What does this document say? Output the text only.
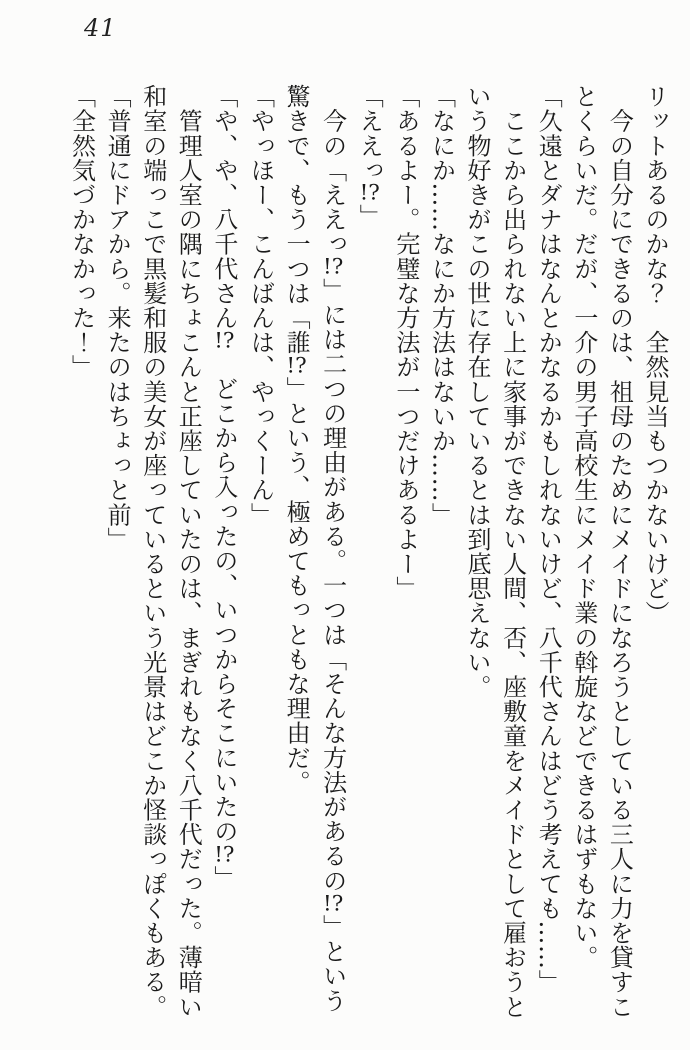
41

リットあるのかな？　全然見当もつかないけど）

　今の自分にできるのは、祖母のためにメイドになろうとしている三人に力を貸すこ

とくらいだ。だが、一介の男子高校生にメイド業の斡旋などできるはずもない。

「久遠とダナはなんとかなるかもしれないけど、八千代さんはどう考えても……」

　ここから出られない上に家事ができない人間、否、座敷童をメイドとして雇おうと

いう物好きがこの世に存在しているとは到底思えない。

「なにか……なにか方法はないか……」

「あるよー。完璧な方法が一つだけあるよー」

「ええっ!?」

　今の「ええっ!?」には二つの理由がある。一つは「そんな方法があるの!?」という

驚きで、もう一つは「誰!?」という、極めてもっともな理由だ。

「やっほー、こんばんは、やっくーん」

「や、や、八千代さん!?　どこから入ったの、いつからそこにいたの!?」

　管理人室の隅にちょこんと正座していたのは、まぎれもなく八千代だった。薄暗い

和室の端っこで黒髪和服の美女が座っているという光景はどこか怪談っぽくもある。

「普通にドアから。来たのはちょっと前」

「全然気づかなかった！」
